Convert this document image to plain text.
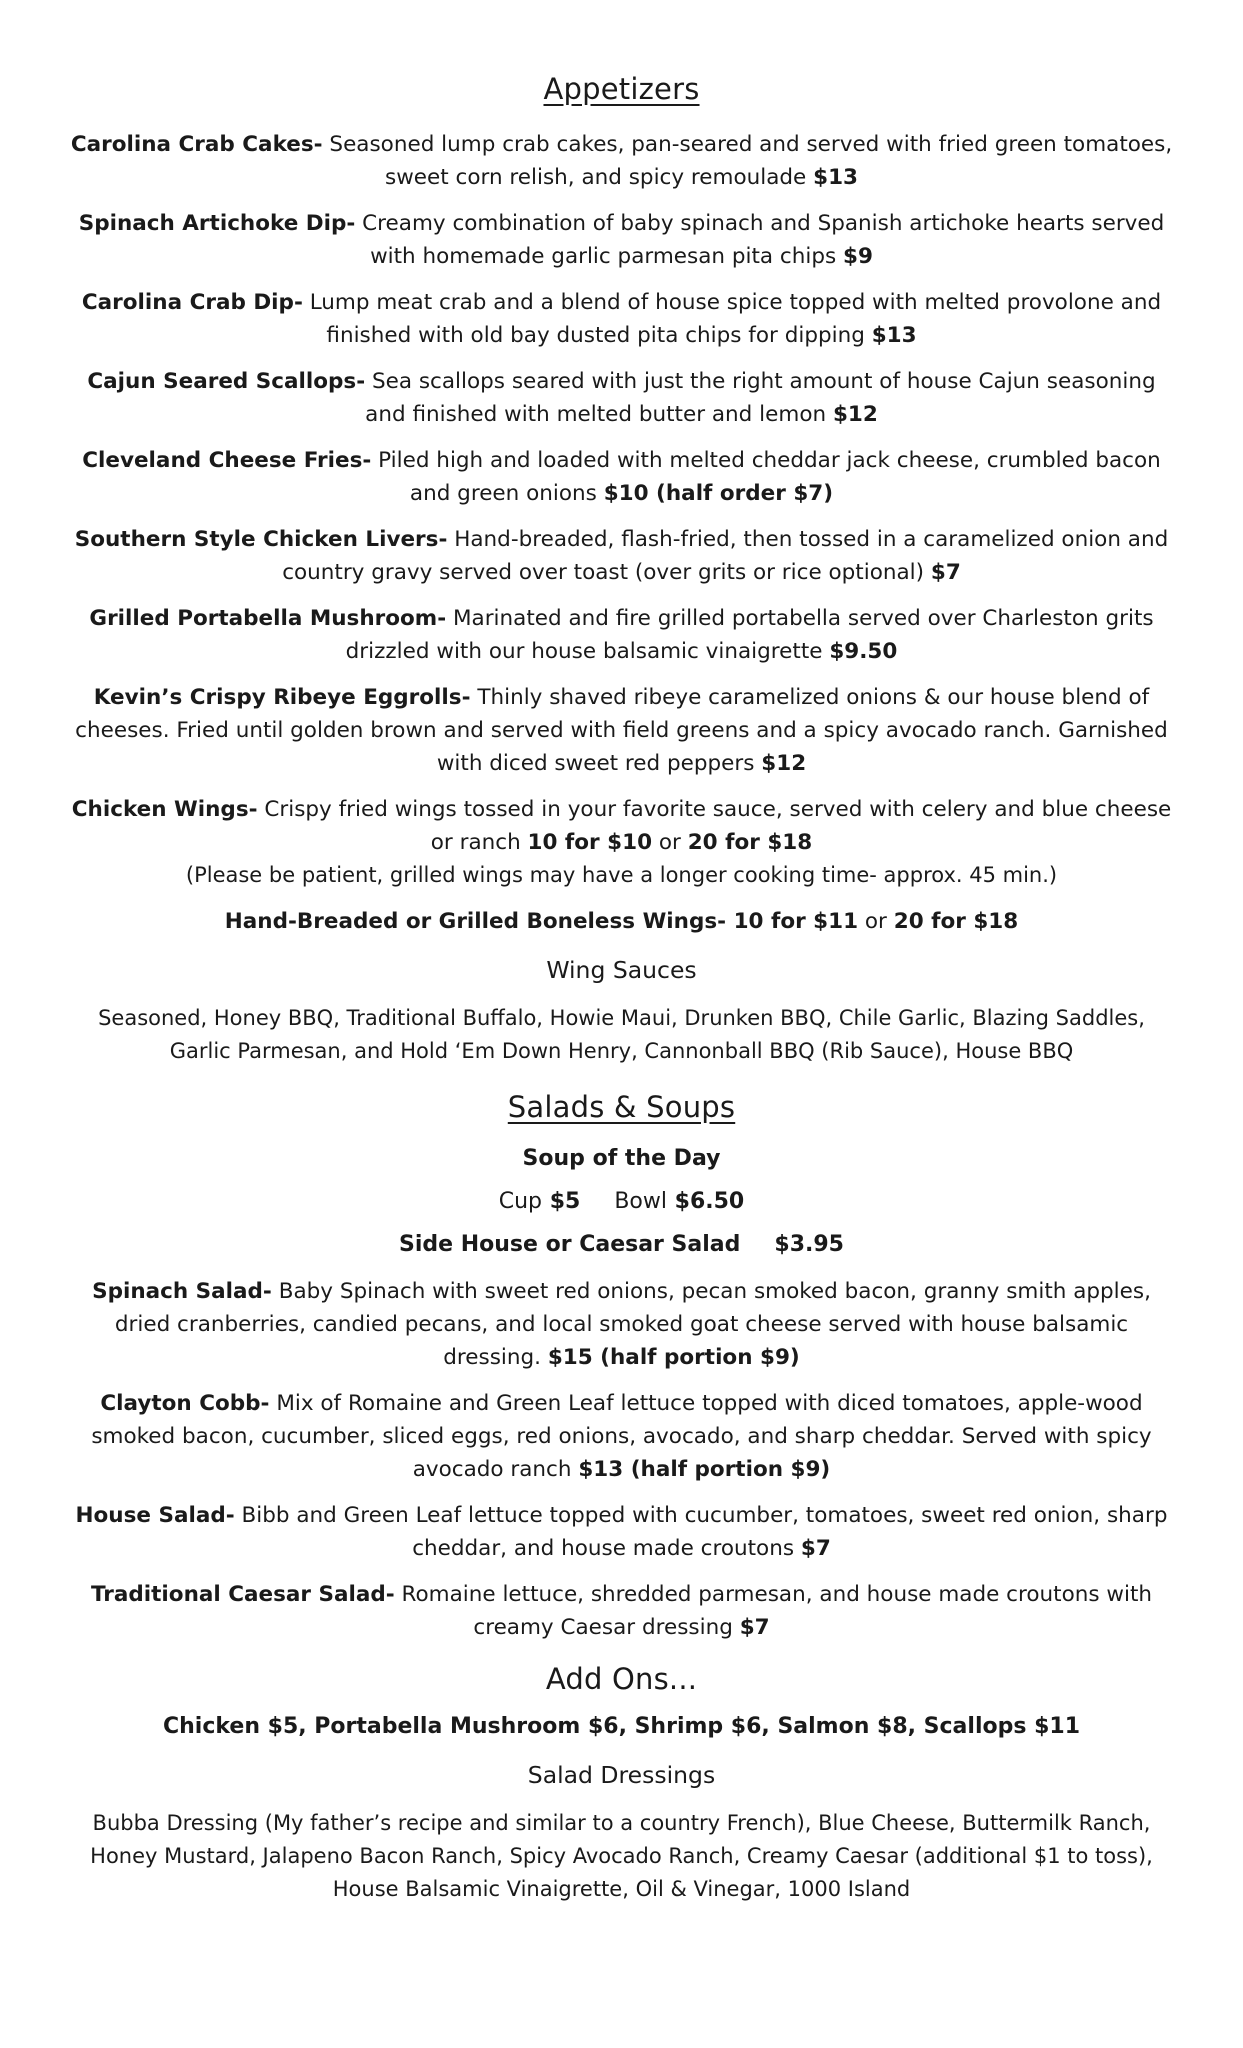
Appetizers

Carolina Crab Cakes- Seasoned lump crab cakes, pan-seared and served with fried green tomatoes, sweet corn relish, and spicy remoulade $13

Spinach Artichoke Dip- Creamy combination of baby spinach and Spanish artichoke hearts served with homemade garlic parmesan pita chips $9

Carolina Crab Dip- Lump meat crab and a blend of house spice topped with melted provolone and finished with old bay dusted pita chips for dipping $13

Cajun Seared Scallops- Sea scallops seared with just the right amount of house Cajun seasoning and finished with melted butter and lemon $12

Cleveland Cheese Fries- Piled high and loaded with melted cheddar jack cheese, crumbled bacon and green onions $10 (half order $7)

Southern Style Chicken Livers- Hand-breaded, flash-fried, then tossed in a caramelized onion and country gravy served over toast (over grits or rice optional) $7

Grilled Portabella Mushroom- Marinated and fire grilled portabella served over Charleston grits drizzled with our house balsamic vinaigrette $9.50

Kevin’s Crispy Ribeye Eggrolls- Thinly shaved ribeye caramelized onions & our house blend of cheeses. Fried until golden brown and served with field greens and a spicy avocado ranch. Garnished with diced sweet red peppers $12

Chicken Wings- Crispy fried wings tossed in your favorite sauce, served with celery and blue cheese or ranch 10 for $10 or 20 for $18

(Please be patient, grilled wings may have a longer cooking time- approx. 45 min.)

Hand-Breaded or Grilled Boneless Wings- 10 for $11 or 20 for $18

Wing Sauces

Seasoned, Honey BBQ, Traditional Buffalo, Howie Maui, Drunken BBQ, Chile Garlic, Blazing Saddles, Garlic Parmesan, and Hold ‘Em Down Henry, Cannonball BBQ (Rib Sauce), House BBQ

Salads & Soups

Soup of the Day

Cup $5 Bowl $6.50

Side House or Caesar Salad $3.95

Spinach Salad- Baby Spinach with sweet red onions, pecan smoked bacon, granny smith apples, dried cranberries, candied pecans, and local smoked goat cheese served with house balsamic dressing. $15 (half portion $9)

Clayton Cobb- Mix of Romaine and Green Leaf lettuce topped with diced tomatoes, apple-wood smoked bacon, cucumber, sliced eggs, red onions, avocado, and sharp cheddar. Served with spicy avocado ranch $13 (half portion $9)

House Salad- Bibb and Green Leaf lettuce topped with cucumber, tomatoes, sweet red onion, sharp cheddar, and house made croutons $7

Traditional Caesar Salad- Romaine lettuce, shredded parmesan, and house made croutons with creamy Caesar dressing $7

Add Ons...

Chicken $5, Portabella Mushroom $6, Shrimp $6, Salmon $8, Scallops $11

Salad Dressings

Bubba Dressing (My father’s recipe and similar to a country French), Blue Cheese, Buttermilk Ranch, Honey Mustard, Jalapeno Bacon Ranch, Spicy Avocado Ranch, Creamy Caesar (additional $1 to toss), House Balsamic Vinaigrette, Oil & Vinegar, 1000 Island
